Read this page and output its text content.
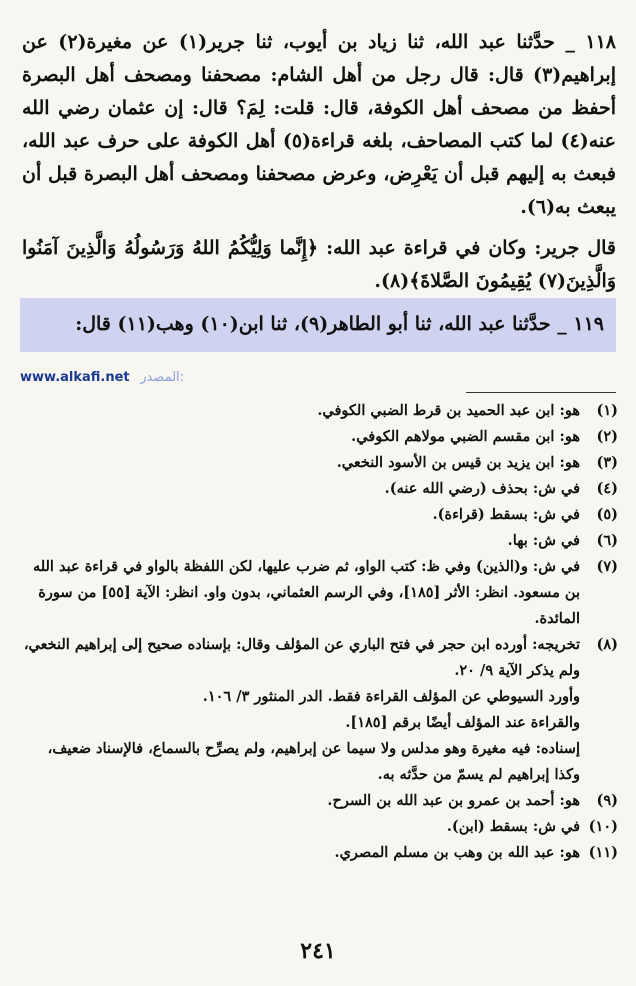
١١٨ _ حدَّثنا عبد الله، ثنا زياد بن أيوب، ثنا جرير(١) عن مغيرة(٢) عن إبراهيم(٣) قال: قال رجل من أهل الشام: مصحفنا ومصحف أهل البصرة أحفظ من مصحف أهل الكوفة، قال: قلت: لِمَ؟ قال: إن عثمان رضي الله عنه(٤) لما كتب المصاحف، بلغه قراءة(٥) أهل الكوفة على حرف عبد الله، فبعث به إليهم قبل أن يَعْرِض، وعرض مصحفنا ومصحف أهل البصرة قبل أن يبعث به(٦).

قال جرير: وكان في قراءة عبد الله: ﴿إِنَّما وَلِيُّكُمُ اللهُ وَرَسُولُهُ وَالَّذِينَ آمَنُوا وَالَّذِينَ(٧) يُقِيمُونَ الصَّلاةَ﴾(٨).

١١٩ _ حدَّثنا عبد الله، ثنا أبو الطاهر(٩)، ثنا ابن(١٠) وهب(١١) قال:
www.alkafi.net المصدر:
(١)
هو: ابن عبد الحميد بن قرط الضبي الكوفي.
(٢)
هو: ابن مقسم الضبي مولاهم الكوفي.
(٣)
هو: ابن يزيد بن قيس بن الأسود النخعي.
(٤)
في ش: بحذف (رضي الله عنه).
(٥)
في ش: بسقط (قراءة).
(٦)
في ش: بها.
(٧)
في ش: و(الذين) وفي ظ: كتب الواو، ثم ضرب عليها، لكن اللفظة بالواو في قراءة عبد الله بن مسعود. انظر: الأثر [١٨٥]، وفي الرسم العثماني، بدون واو. انظر: الآية [٥٥] من سورة المائدة.
(٨)
تخريجه: أورده ابن حجر في فتح الباري عن المؤلف وقال: بإسناده صحيح إلى إبراهيم النخعي، ولم يذكر الآية ٩/ ٢٠.
وأورد السيوطي عن المؤلف القراءة فقط. الدر المنثور ٣/ ١٠٦.
والقراءة عند المؤلف أيضًا برقم [١٨٥].
إسناده: فيه مغيرة وهو مدلس ولا سيما عن إبراهيم، ولم يصرِّح بالسماع، فالإسناد ضعيف، وكذا إبراهيم لم يسمّ من حدَّثه به.
(٩)
هو: أحمد بن عمرو بن عبد الله بن السرح.
(١٠)
في ش: بسقط (ابن).
(١١)
هو: عبد الله بن وهب بن مسلم المصري.
٢٤١
